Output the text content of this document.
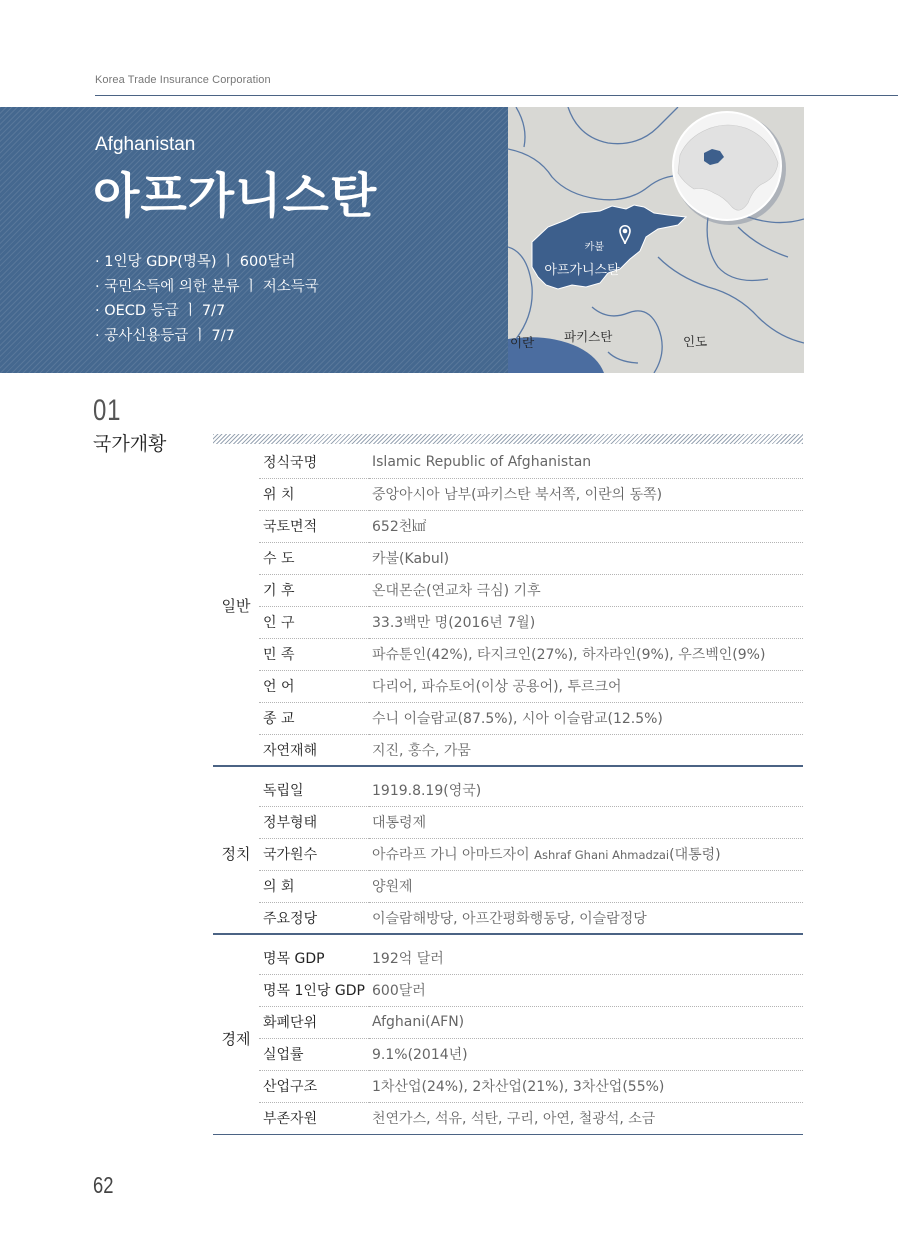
Korea Trade Insurance Corporation
Afghanistan
아프가니스탄
· 1인당 GDP(명목) ㅣ 600달러
· 국민소득에 의한 분류 ㅣ 저소득국
· OECD 등급 ㅣ 7/7
· 공사신용등급 ㅣ 7/7
카불
아프가니스탄
이란 파키스탄	인도
01
국가개황
일반	정식국명	Islamic Republic of Afghanistan
	위 치	중앙아시아 남부(파키스탄 북서쪽, 이란의 동쪽)
	국토면적	652천㎢
	수 도	카불(Kabul)
	기 후	온대몬순(연교차 극심) 기후
	인 구	33.3백만 명(2016년 7월)
	민 족	파슈툰인(42%), 타지크인(27%), 하자라인(9%), 우즈벡인(9%)
	언 어	다리어, 파슈토어(이상 공용어), 투르크어
	종 교	수니 이슬람교(87.5%), 시아 이슬람교(12.5%)
	자연재해	지진, 홍수, 가뭄

정치	독립일	1919.8.19(영국)
	정부형태	대통령제
	국가원수	아슈라프 가니 아마드자이 Ashraf Ghani Ahmadzai(대통령)
	의 회	양원제
	주요정당	이슬람해방당, 아프간평화행동당, 이슬람정당

경제	명목 GDP	192억 달러
	명목 1인당 GDP	600달러
	화폐단위	Afghani(AFN)
	실업률	9.1%(2014년)
	산업구조	1차산업(24%), 2차산업(21%), 3차산업(55%)
	부존자원	천연가스, 석유, 석탄, 구리, 아연, 철광석, 소금
62
